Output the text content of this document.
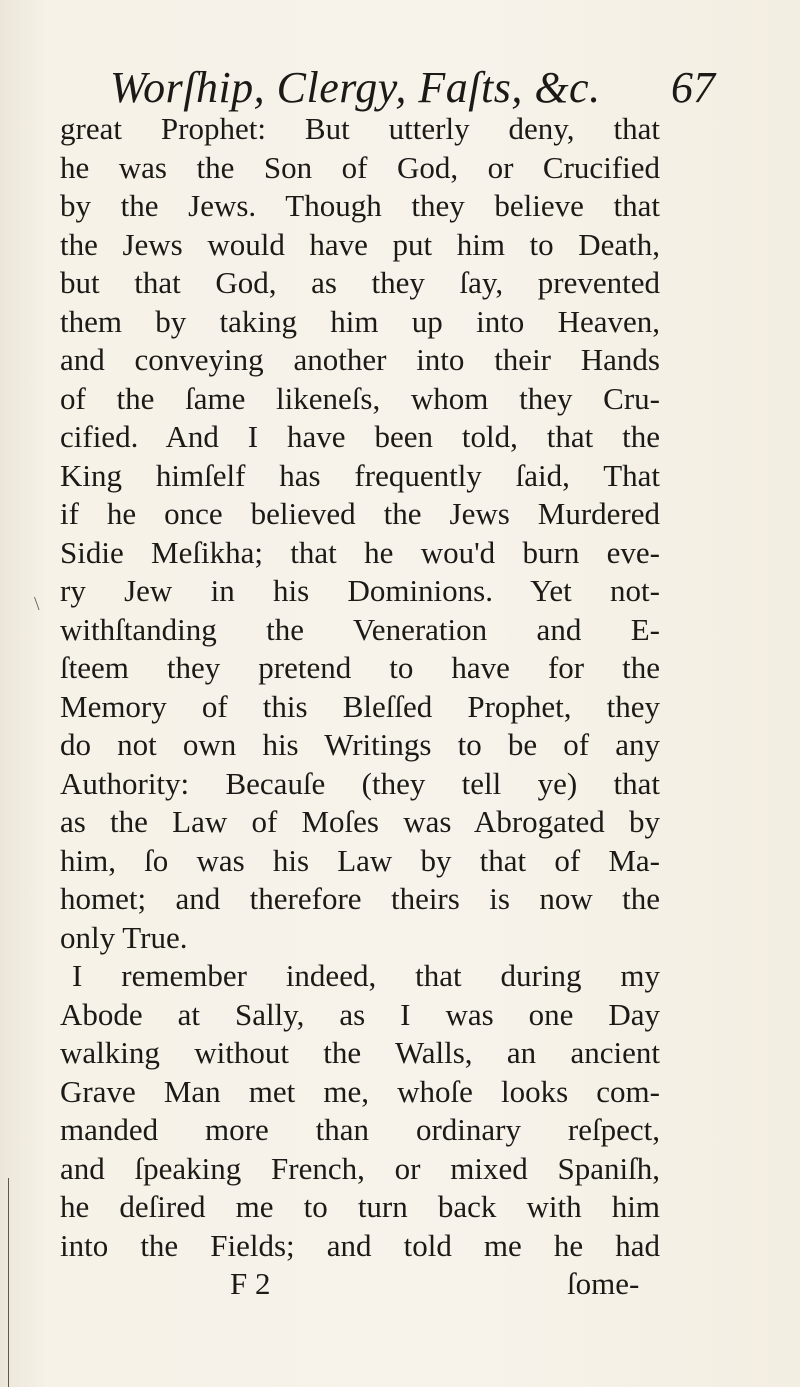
Worſhip, Clergy, Faſts, &c. 67
\
great Prophet: But utterly deny, that
he was the Son of God, or Crucified
by the Jews. Though they believe that
the Jews would have put him to Death,
but that God, as they ſay, prevented
them by taking him up into Heaven,
and conveying another into their Hands
of the ſame likeneſs, whom they Cru-
cified. And I have been told, that the
King himſelf has frequently ſaid, That
if he once believed the Jews Murdered
Sidie Meſikha; that he wou'd burn eve-
ry Jew in his Dominions. Yet not-
withſtanding the Veneration and E-
ſteem they pretend to have for the
Memory of this Bleſſed Prophet, they
do not own his Writings to be of any
Authority: Becauſe (they tell ye) that
as the Law of Moſes was Abrogated by
him, ſo was his Law by that of Ma-
homet; and therefore theirs is now the
only True.
I remember indeed, that during my
Abode at Sally, as I was one Day
walking without the Walls, an ancient
Grave Man met me, whoſe looks com-
manded more than ordinary reſpect,
and ſpeaking French, or mixed Spaniſh,
he deſired me to turn back with him
into the Fields; and told me he had
F 2	ſome-
